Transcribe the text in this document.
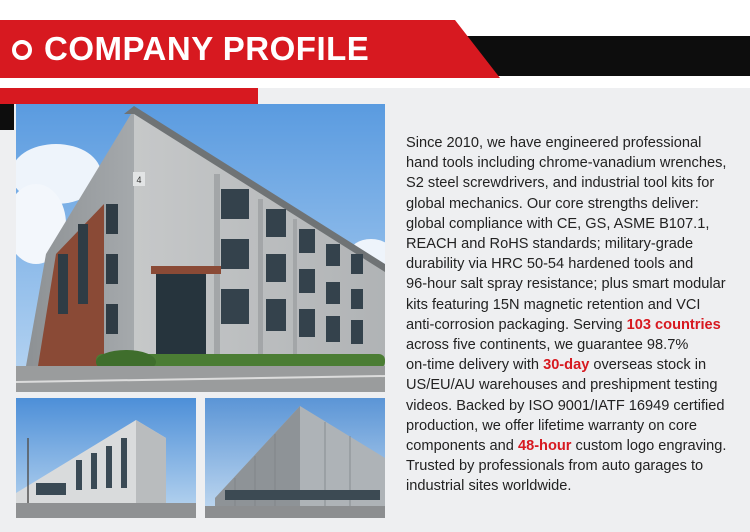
COMPANY PROFILE
4
Since 2010, we have engineered professional
hand tools including chrome-vanadium wrenches,
S2 steel screwdrivers, and industrial tool kits for
global mechanics. Our core strengths deliver:
global compliance with CE, GS, ASME B107.1,
REACH and RoHS standards; military-grade
durability via HRC 50-54 hardened tools and
96-hour salt spray resistance; plus smart modular
kits featuring 15N magnetic retention and VCI
anti-corrosion packaging. Serving 103 countries
across five continents, we guarantee 98.7%
on-time delivery with 30-day overseas stock in
US/EU/AU warehouses and preshipment testing
videos. Backed by ISO 9001/IATF 16949 certified
production, we offer lifetime warranty on core
components and 48-hour custom logo engraving.
Trusted by professionals from auto garages to
industrial sites worldwide.
